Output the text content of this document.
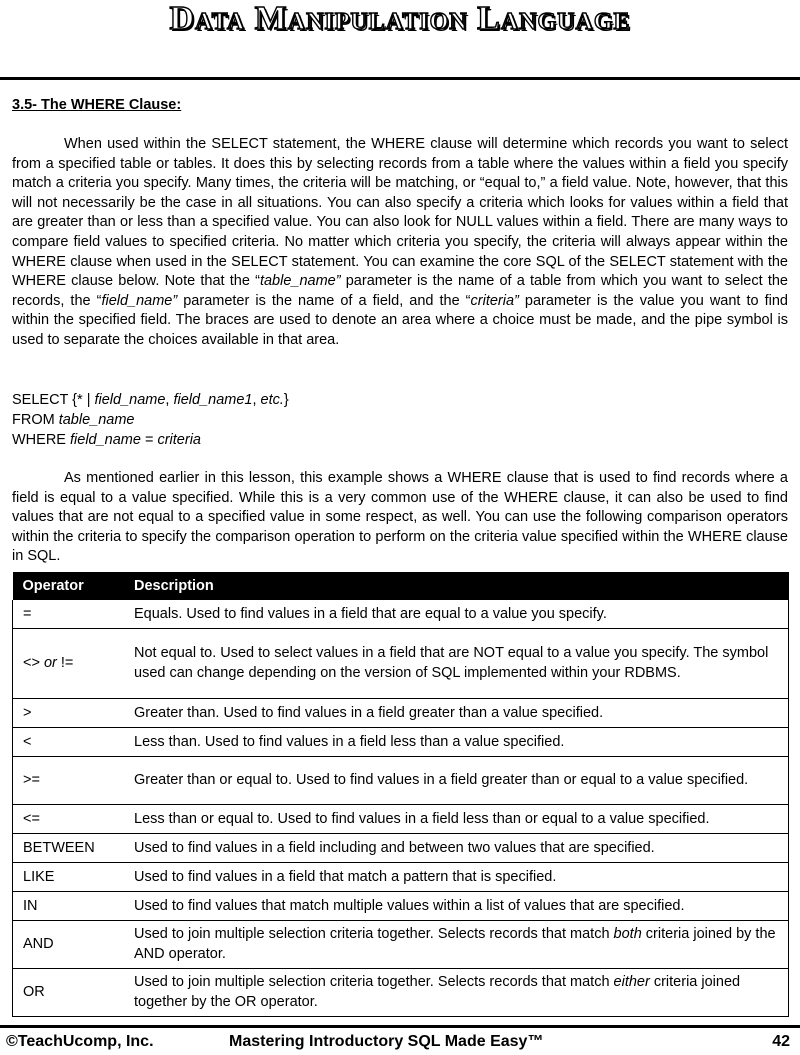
Data Manipulation Language
3.5- The WHERE Clause:

When used within the SELECT statement, the WHERE clause will determine which records you want to select from a specified table or tables. It does this by selecting records from a table where the values within a field you specify match a criteria you specify. Many times, the criteria will be matching, or “equal to,” a field value. Note, however, that this will not necessarily be the case in all situations. You can also specify a criteria which looks for values within a field that are greater than or less than a specified value. You can also look for NULL values within a field. There are many ways to compare field values to specified criteria. No matter which criteria you specify, the criteria will always appear within the WHERE clause when used in the SELECT statement. You can examine the core SQL of the SELECT statement with the WHERE clause below. Note that the “table_name” parameter is the name of a table from which you want to select the records, the “field_name” parameter is the name of a field, and the “criteria” parameter is the value you want to find within the specified field. The braces are used to denote an area where a choice must be made, and the pipe symbol is used to separate the choices available in that area.

SELECT {* | field_name, field_name1, etc.}
FROM table_name
WHERE field_name = criteria

As mentioned earlier in this lesson, this example shows a WHERE clause that is used to find records where a field is equal to a value specified. While this is a very common use of the WHERE clause, it can also be used to find values that are not equal to a specified value in some respect, as well. You can use the following comparison operators within the criteria to specify the comparison operation to perform on the criteria value specified within the WHERE clause in SQL.

Operator	Description
=	Equals. Used to find values in a field that are equal to a value you specify.
<> or !=	Not equal to. Used to select values in a field that are NOT equal to a value you specify. The symbol used can change depending on the version of SQL implemented within your RDBMS.
>	Greater than. Used to find values in a field greater than a value specified.
<	Less than. Used to find values in a field less than a value specified.
>=	Greater than or equal to. Used to find values in a field greater than or equal to a value specified.
<=	Less than or equal to. Used to find values in a field less than or equal to a value specified.
BETWEEN	Used to find values in a field including and between two values that are specified.
LIKE	Used to find values in a field that match a pattern that is specified.
IN	Used to find values that match multiple values within a list of values that are specified.
AND	Used to join multiple selection criteria together. Selects records that match both criteria joined by the AND operator.
OR	Used to join multiple selection criteria together. Selects records that match either criteria joined together by the OR operator.
©TeachUcomp, Inc.	Mastering Introductory SQL Made Easy™	42
